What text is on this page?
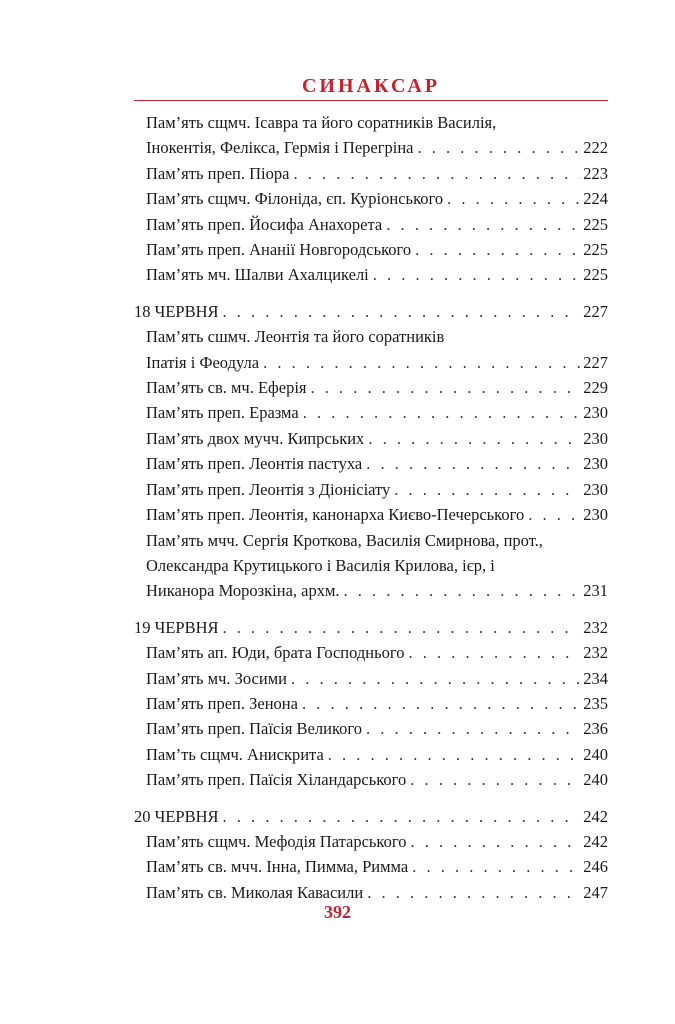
СИНАКСАР
Пам’ять сщмч. Ісавра та його соратників Василія,
Інокентія, Фелікса, Гермія і Перегріна . . .	222
Пам’ять преп. Піора . . .	223
Пам’ять сщмч. Філоніда, єп. Куріонського . . .	224
Пам’ять преп. Йосифа Анахорета . . .	225
Пам’ять преп. Ананії Новгородського . . .	225
Пам’ять мч. Шалви Ахалцикелі . . .	225
18 ЧЕРВНЯ . . .	227
Пам’ять сшмч. Леонтія та його соратників
Іпатія і Феодула . . .	227
Пам’ять св. мч. Еферія . . .	229
Пам’ять преп. Еразма . . .	230
Пам’ять двох мучч. Кипрських . . .	230
Пам’ять преп. Леонтія пастуха . . .	230
Пам’ять преп. Леонтія з Діонісіату . . .	230
Пам’ять преп. Леонтія, канонарха Києво-Печерського . . .	230
Пам’ять мчч. Сергія Кроткова, Василія Смирнова, прот.,
Олександра Крутицького і Василія Крилова, ієр, і
Никанора Морозкіна, архм. . . .	231
19 ЧЕРВНЯ . . .	232
Пам’ять ап. Юди, брата Господнього . . .	232
Пам’ять мч. Зосими . . .	234
Пам’ять преп. Зенона . . .	235
Пам’ять преп. Паїсія Великого . . .	236
Пам’ть сщмч. Анискрита . . .	240
Пам’ять преп. Паїсія Хіландарського . . .	240
20 ЧЕРВНЯ . . .	242
Пам’ять сщмч. Мефодія Патарського . . .	242
Пам’ять св. мчч. Інна, Пимма, Римма . . .	246
Пам’ять св. Миколая Кавасили . . .	247
392
